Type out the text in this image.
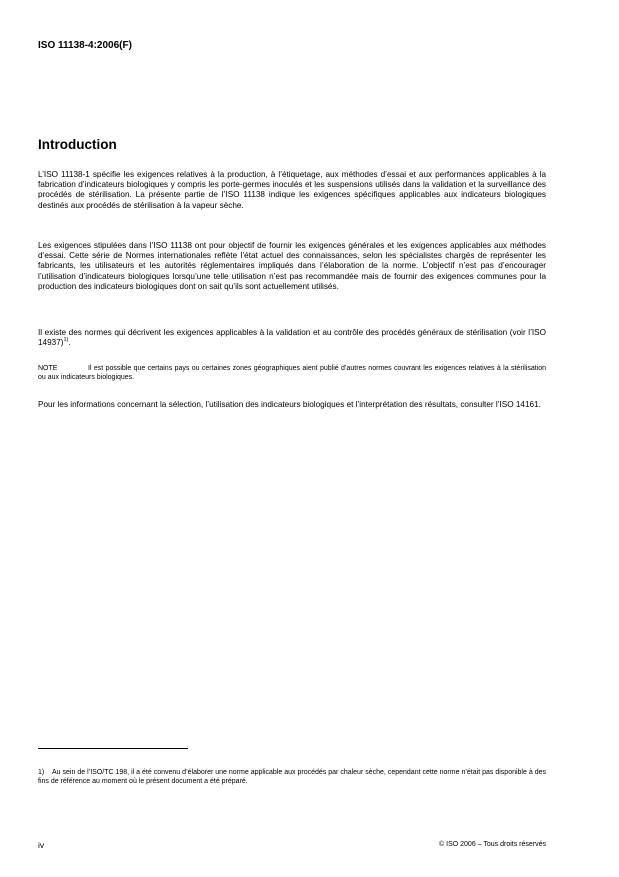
ISO 11138-4:2006(F)
Introduction

L’ISO 11138-1 spécifie les exigences relatives à la production, à l’étiquetage, aux méthodes d’essai et aux performances applicables à la fabrication d’indicateurs biologiques y compris les porte-germes inoculés et les suspensions utilisés dans la validation et la surveillance des procédés de stérilisation. La présente partie de l’ISO 11138 indique les exigences spécifiques applicables aux indicateurs biologiques destinés aux procédés de stérilisation à la vapeur sèche.

Les exigences stipulées dans l’ISO 11138 ont pour objectif de fournir les exigences générales et les exigences applicables aux méthodes d’essai. Cette série de Normes internationales reflète l’état actuel des connaissances, selon les spécialistes chargés de représenter les fabricants, les utilisateurs et les autorités réglementaires impliqués dans l’élaboration de la norme. L’objectif n’est pas d’encourager l’utilisation d’indicateurs biologiques lorsqu’une telle utilisation n’est pas recommandée mais de fournir des exigences communes pour la production des indicateurs biologiques dont on sait qu’ils sont actuellement utilisés.

Il existe des normes qui décrivent les exigences applicables à la validation et au contrôle des procédés généraux de stérilisation (voir l’ISO 14937)$^{1)}$.

NOTE	Il est possible que certains pays ou certaines zones géographiques aient publié d’autres normes couvrant les exigences relatives à la stérilisation ou aux indicateurs biologiques.

Pour les informations concernant la sélection, l’utilisation des indicateurs biologiques et l’interprétation des résultats, consulter l’ISO 14161.

1) Au sein de l’ISO/TC 198, il a été convenu d’élaborer une norme applicable aux procédés par chaleur sèche, cependant cette norme n’était pas disponible à des fins de référence au moment où le présent document a été préparé.

iv	© ISO 2006 – Tous droits réservés
